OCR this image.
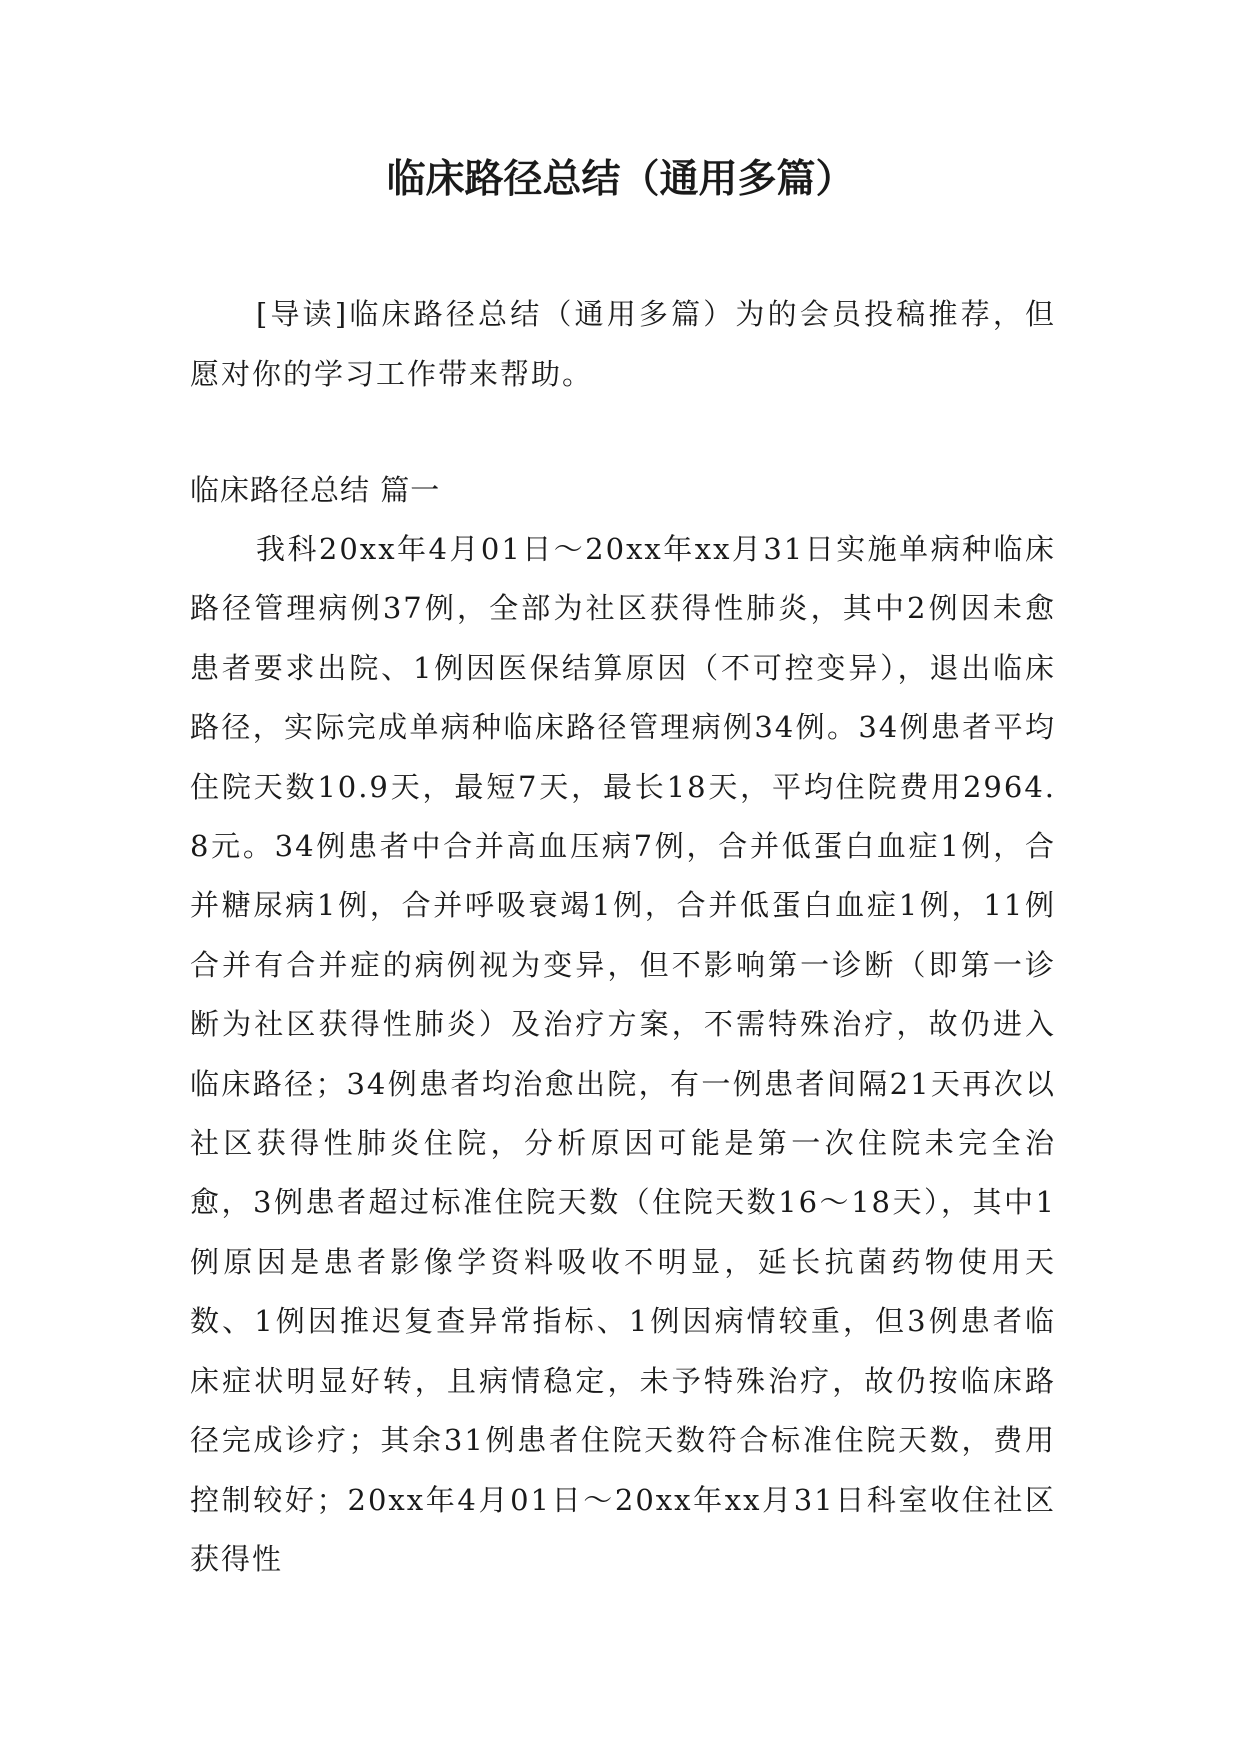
临床路径总结（通用多篇）

[导读]临床路径总结（通用多篇）为的会员投稿推荐，但愿对你的学习工作带来帮助。

临床路径总结 篇一

我科20xx年4月01日～20xx年xx月31日实施单病种临床路径管理病例37例，全部为社区获得性肺炎，其中2例因未愈患者要求出院、1例因医保结算原因（不可控变异），退出临床路径，实际完成单病种临床路径管理病例34例。34例患者平均住院天数10.9天，最短7天，最长18天，平均住院费用2964.8元。34例患者中合并高血压病7例，合并低蛋白血症1例，合并糖尿病1例，合并呼吸衰竭1例，合并低蛋白血症1例，11例合并有合并症的病例视为变异，但不影响第一诊断（即第一诊断为社区获得性肺炎）及治疗方案，不需特殊治疗，故仍进入临床路径；34例患者均治愈出院，有一例患者间隔21天再次以社区获得性肺炎住院，分析原因可能是第一次住院未完全治愈，3例患者超过标准住院天数（住院天数16～18天），其中1例原因是患者影像学资料吸收不明显，延长抗菌药物使用天数、1例因推迟复查异常指标、1例因病情较重，但3例患者临床症状明显好转，且病情稳定，未予特殊治疗，故仍按临床路径完成诊疗；其余31例患者住院天数符合标准住院天数，费用控制较好；20xx年4月01日～20xx年xx月31日科室收住社区获得性
